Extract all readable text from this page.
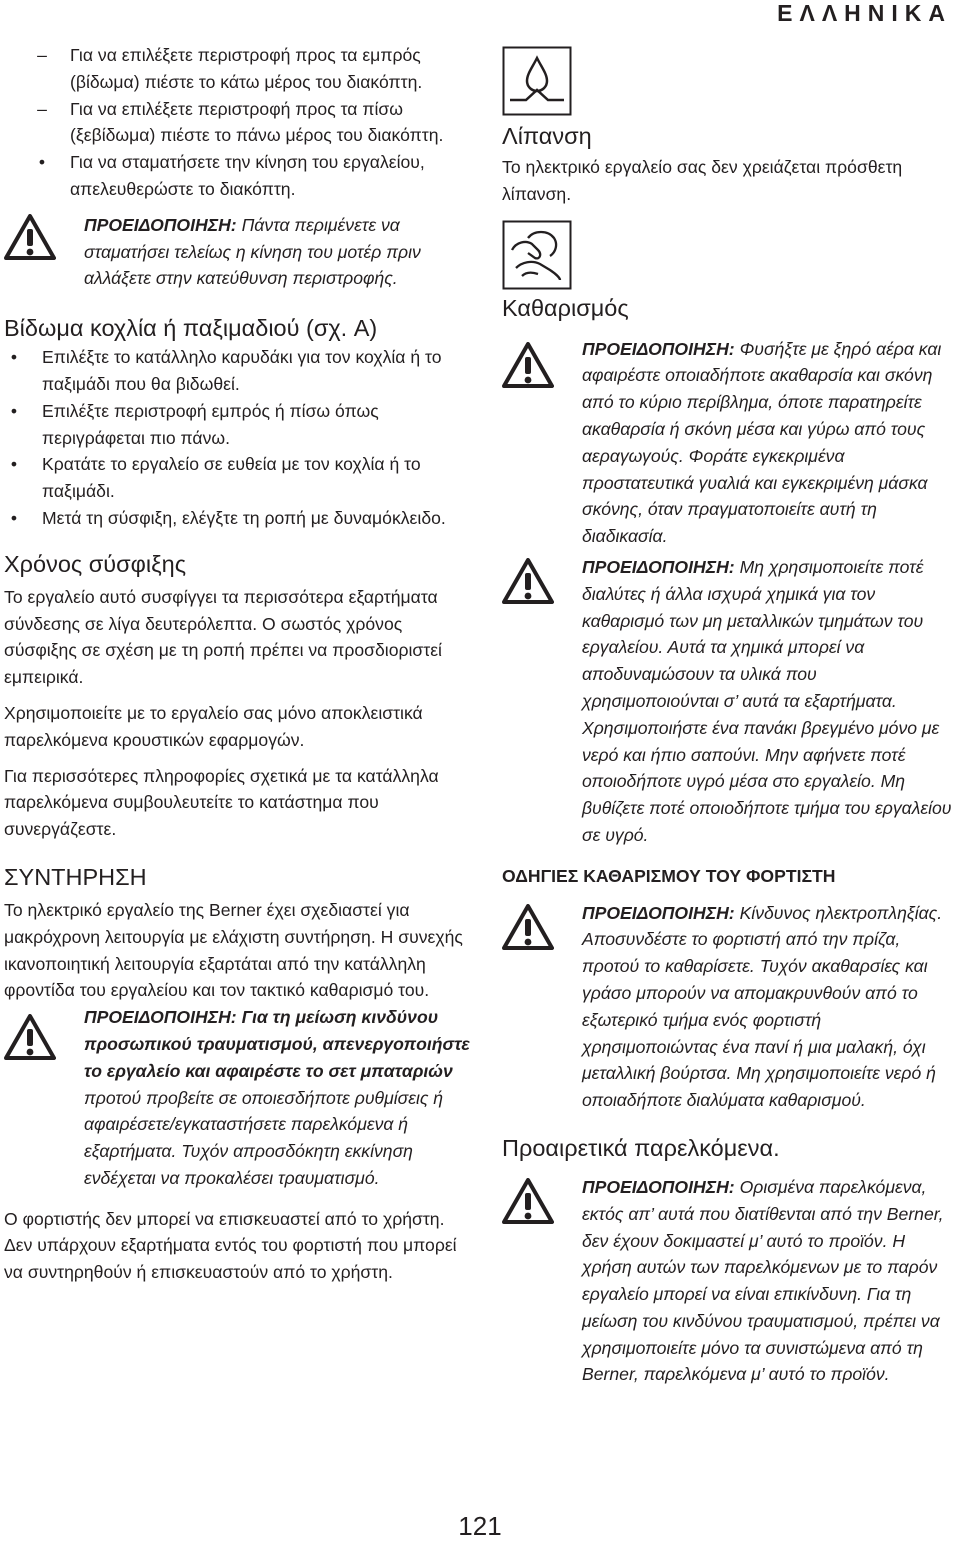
ΕΛΛΗΝΙΚΑ
– Για να επιλέξετε περιστροφή προς τα εμπρός (βίδωμα) πιέστε το κάτω μέρος του διακόπτη.
– Για να επιλέξετε περιστροφή προς τα πίσω (ξεβίδωμα) πιέστε το πάνω μέρος του διακόπτη.
•	Για να σταματήσετε την κίνηση του εργαλείου, απελευθερώστε το διακόπτη.
ΠΡΟΕΙΔΟΠΟΙΗΣΗ: Πάντα περιμένετε να σταματήσει τελείως η κίνηση του μοτέρ πριν αλλάξετε στην κατεύθυνση περιστροφής.
Βίδωμα κοχλία ή παξιμαδιού (σχ. A)
•	Επιλέξτε το κατάλληλο καρυδάκι για τον κοχλία ή το παξιμάδι που θα βιδωθεί.
•	Επιλέξτε περιστροφή εμπρός ή πίσω όπως περιγράφεται πιο πάνω.
•	Κρατάτε το εργαλείο σε ευθεία με τον κοχλία ή το παξιμάδι.
•	Μετά τη σύσφιξη, ελέγξτε τη ροπή με δυναμόκλειδο.
Χρόνος σύσφιξης

Το εργαλείο αυτό συσφίγγει τα περισσότερα εξαρτήματα σύνδεσης σε λίγα δευτερόλεπτα. Ο σωστός χρόνος σύσφιξης σε σχέση με τη ροπή πρέπει να προσδιοριστεί εμπειρικά.

Χρησιμοποιείτε με το εργαλείο σας μόνο αποκλειστικά παρελκόμενα κρουστικών εφαρμογών.

Για περισσότερες πληροφορίες σχετικά με τα κατάλληλα παρελκόμενα συμβουλευτείτε το κατάστημα που συνεργάζεστε.

ΣΥΝΤΗΡΗΣΗ

Το ηλεκτρικό εργαλείο της Berner έχει σχεδιαστεί για μακρόχρονη λειτουργία με ελάχιστη συντήρηση. Η συνεχής ικανοποιητική λειτουργία εξαρτάται από την κατάλληλη φροντίδα του εργαλείου και τον τακτικό καθαρισμό του.

ΠΡΟΕΙΔΟΠΟΙΗΣΗ: Για τη μείωση κινδύνου προσωπικού τραυματισμού, απενεργοποιήστε το εργαλείο και αφαιρέστε το σετ μπαταριών προτού προβείτε σε οποιεσδήποτε ρυθμίσεις ή αφαιρέσετε/εγκαταστήσετε παρελκόμενα ή εξαρτήματα. Τυχόν απροσδόκητη εκκίνηση ενδέχεται να προκαλέσει τραυματισμό.

Ο φορτιστής δεν μπορεί να επισκευαστεί από το χρήστη. Δεν υπάρχουν εξαρτήματα εντός του φορτιστή που μπορεί να συντηρηθούν ή επισκευαστούν από το χρήστη.

Λίπανση

Το ηλεκτρικό εργαλείο σας δεν χρειάζεται πρόσθετη λίπανση.

Καθαρισμός
ΠΡΟΕΙΔΟΠΟΙΗΣΗ: Φυσήξτε με ξηρό αέρα και αφαιρέστε οποιαδήποτε ακαθαρσία και σκόνη από το κύριο περίβλημα, όποτε παρατηρείτε ακαθαρσία ή σκόνη μέσα και γύρω από τους αεραγωγούς. Φοράτε εγκεκριμένα προστατευτικά γυαλιά και εγκεκριμένη μάσκα σκόνης, όταν πραγματοποιείτε αυτή τη διαδικασία.
ΠΡΟΕΙΔΟΠΟΙΗΣΗ: Μη χρησιμοποιείτε ποτέ διαλύτες ή άλλα ισχυρά χημικά για τον καθαρισμό των μη μεταλλικών τμημάτων του εργαλείου. Αυτά τα χημικά μπορεί να αποδυναμώσουν τα υλικά που χρησιμοποιούνται σ’ αυτά τα εξαρτήματα. Χρησιμοποιήστε ένα πανάκι βρεγμένο μόνο με νερό και ήπιο σαπούνι. Μην αφήνετε ποτέ οποιοδήποτε υγρό μέσα στο εργαλείο. Μη βυθίζετε ποτέ οποιοδήποτε τμήμα του εργαλείου σε υγρό.
ΟΔΗΓΙΕΣ ΚΑΘΑΡΙΣΜΟΥ ΤΟΥ ΦΟΡΤΙΣΤΗ
ΠΡΟΕΙΔΟΠΟΙΗΣΗ: Κίνδυνος ηλεκτροπληξίας. Αποσυνδέστε το φορτιστή από την πρίζα, προτού το καθαρίσετε. Τυχόν ακαθαρσίες και γράσο μπορούν να απομακρυνθούν από το εξωτερικό τμήμα ενός φορτιστή χρησιμοποιώντας ένα πανί ή μια μαλακή, όχι μεταλλική βούρτσα. Μη χρησιμοποιείτε νερό ή οποιαδήποτε διαλύματα καθαρισμού.
Προαιρετικά παρελκόμενα.
ΠΡΟΕΙΔΟΠΟΙΗΣΗ: Ορισμένα παρελκόμενα, εκτός απ’ αυτά που διατίθενται από την Berner, δεν έχουν δοκιμαστεί μ’ αυτό το προϊόν. Η χρήση αυτών των παρελκόμενων με το παρόν εργαλείο μπορεί να είναι επικίνδυνη. Για τη μείωση του κινδύνου τραυματισμού, πρέπει να χρησιμοποιείτε μόνο τα συνιστώμενα από τη Berner, παρελκόμενα μ’ αυτό το προϊόν.
121
